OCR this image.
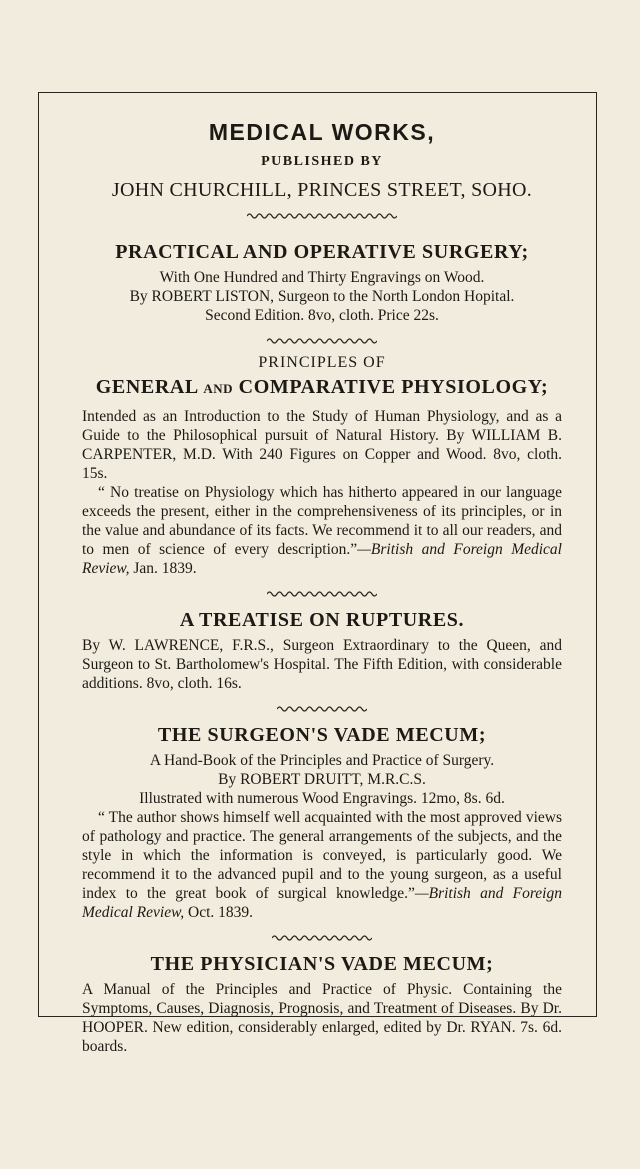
MEDICAL WORKS,
PUBLISHED BY
JOHN CHURCHILL, PRINCES STREET, SOHO.
PRACTICAL AND OPERATIVE SURGERY;
With One Hundred and Thirty Engravings on Wood.
By ROBERT LISTON, Surgeon to the North London Hopital.
Second Edition. 8vo, cloth. Price 22s.
PRINCIPLES OF
GENERAL AND COMPARATIVE PHYSIOLOGY;

Intended as an Introduction to the Study of Human Physiology, and as a Guide to the Philosophical pursuit of Natural History. By WILLIAM B. CARPENTER, M.D. With 240 Figures on Copper and Wood. 8vo, cloth. 15s.

“ No treatise on Physiology which has hitherto appeared in our language exceeds the present, either in the comprehensiveness of its principles, or in the value and abundance of its facts. We recommend it to all our readers, and to men of science of every description.”—British and Foreign Medical Review, Jan. 1839.

A TREATISE ON RUPTURES.

By W. LAWRENCE, F.R.S., Surgeon Extraordinary to the Queen, and Surgeon to St. Bartholomew's Hospital. The Fifth Edition, with considerable additions. 8vo, cloth. 16s.

THE SURGEON'S VADE MECUM;
A Hand-Book of the Principles and Practice of Surgery.
By ROBERT DRUITT, M.R.C.S.
Illustrated with numerous Wood Engravings. 12mo, 8s. 6d.

“ The author shows himself well acquainted with the most approved views of pathology and practice. The general arrangements of the subjects, and the style in which the information is conveyed, is particularly good. We recommend it to the advanced pupil and to the young surgeon, as a useful index to the great book of surgical knowledge.”—British and Foreign Medical Review, Oct. 1839.

THE PHYSICIAN'S VADE MECUM;

A Manual of the Principles and Practice of Physic. Containing the Symptoms, Causes, Diagnosis, Prognosis, and Treatment of Diseases. By Dr. HOOPER. New edition, considerably enlarged, edited by Dr. RYAN. 7s. 6d. boards.
